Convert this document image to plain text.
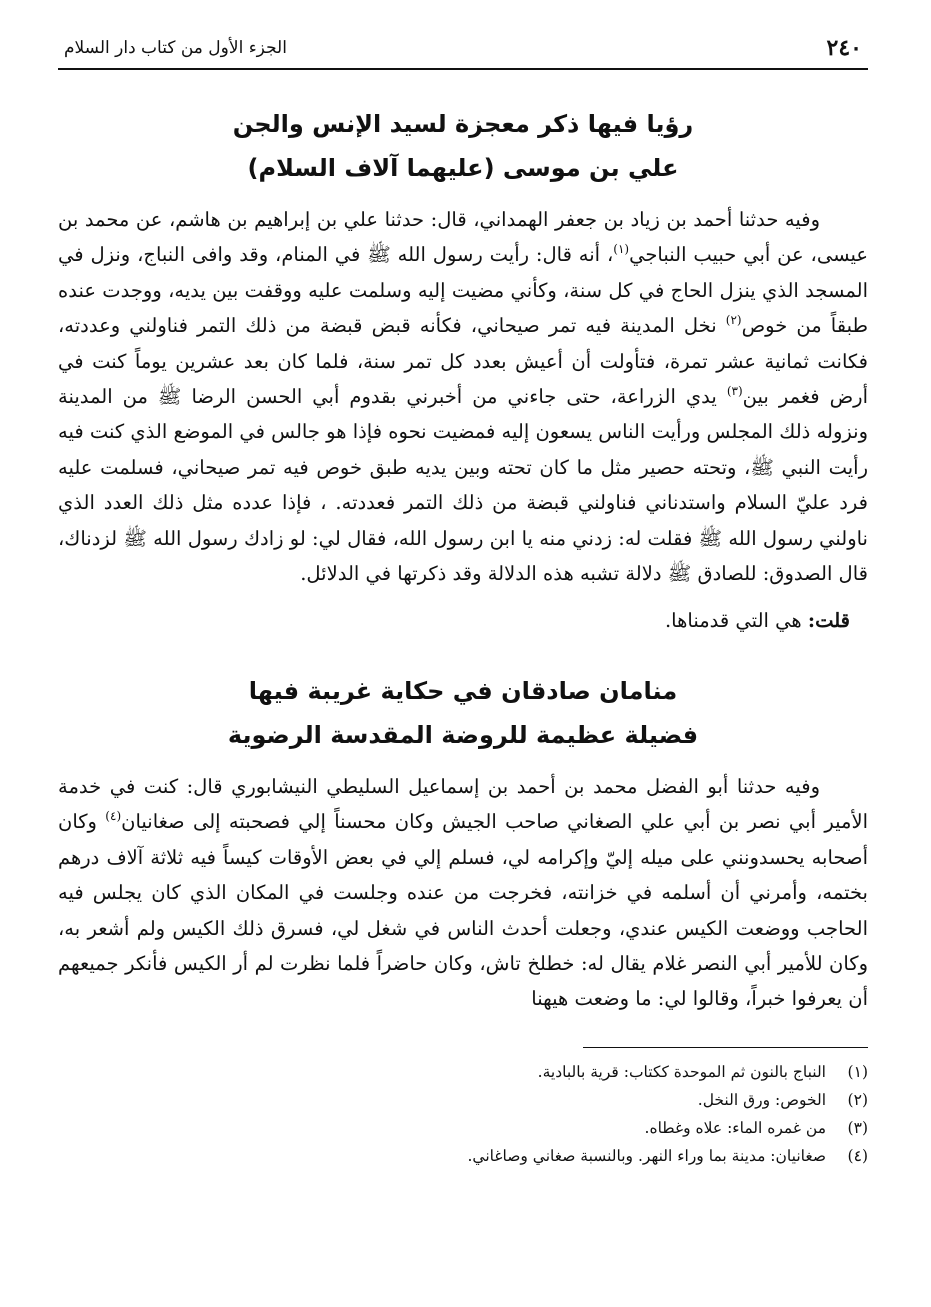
٢٤٠
الجزء الأول من كتاب دار السلام
رؤيا فيها ذكر معجزة لسيد الإنس والجن
علي بن موسى (عليهما آلاف السلام)

وفيه حدثنا أحمد بن زياد بن جعفر الهمداني، قال: حدثنا علي بن إبراهيم بن هاشم، عن محمد بن عيسى، عن أبي حبيب النباجي$^{(١)}$، أنه قال: رأيت رسول الله ﷺ في المنام، وقد وافى النباج، ونزل في المسجد الذي ينزل الحاج في كل سنة، وكأني مضيت إليه وسلمت عليه ووقفت بين يديه، ووجدت عنده طبقاً من خوص$^{(٢)}$ نخل المدينة فيه تمر صيحاني، فكأنه قبض قبضة من ذلك التمر فناولني وعددته، فكانت ثمانية عشر تمرة، فتأولت أن أعيش بعدد كل تمر سنة، فلما كان بعد عشرين يوماً كنت في أرض فغمر بين$^{(٣)}$ يدي الزراعة، حتى جاءني من أخبرني بقدوم أبي الحسن الرضا ﷺ من المدينة ونزوله ذلك المجلس ورأيت الناس يسعون إليه فمضيت نحوه فإذا هو جالس في الموضع الذي كنت فيه رأيت النبي ﷺ، وتحته حصير مثل ما كان تحته وبين يديه طبق خوص فيه تمر صيحاني، فسلمت عليه فرد عليّ السلام واستدناني فناولني قبضة من ذلك التمر فعددته. ، فإذا عدده مثل ذلك العدد الذي ناولني رسول الله ﷺ فقلت له: زدني منه يا ابن رسول الله، فقال لي: لو زادك رسول الله ﷺ لزدناك، قال الصدوق: للصادق ﷺ دلالة تشبه هذه الدلالة وقد ذكرتها في الدلائل.

قلت: هي التي قدمناها.

منامان صادقان في حكاية غريبة فيها
فضيلة عظيمة للروضة المقدسة الرضوية

وفيه حدثنا أبو الفضل محمد بن أحمد بن إسماعيل السليطي النيشابوري قال: كنت في خدمة الأمير أبي نصر بن أبي علي الصغاني صاحب الجيش وكان محسناً إلي فصحبته إلى صغانيان$^{(٤)}$ وكان أصحابه يحسدونني على ميله إليّ وإكرامه لي، فسلم إلي في بعض الأوقات كيساً فيه ثلاثة آلاف درهم بختمه، وأمرني أن أسلمه في خزانته، فخرجت من عنده وجلست في المكان الذي كان يجلس فيه الحاجب ووضعت الكيس عندي، وجعلت أحدث الناس في شغل لي، فسرق ذلك الكيس ولم أشعر به، وكان للأمير أبي النصر غلام يقال له: خطلخ تاش، وكان حاضراً فلما نظرت لم أر الكيس فأنكر جميعهم أن يعرفوا خبراً، وقالوا لي: ما وضعت هيهنا

(١)النباج بالنون ثم الموحدة ككتاب: قرية بالبادية.
(٢)الخوص: ورق النخل.
(٣)من غمره الماء: علاه وغطاه.
(٤)صغانيان: مدينة بما وراء النهر. وبالنسبة صغاني وصاغاني.
